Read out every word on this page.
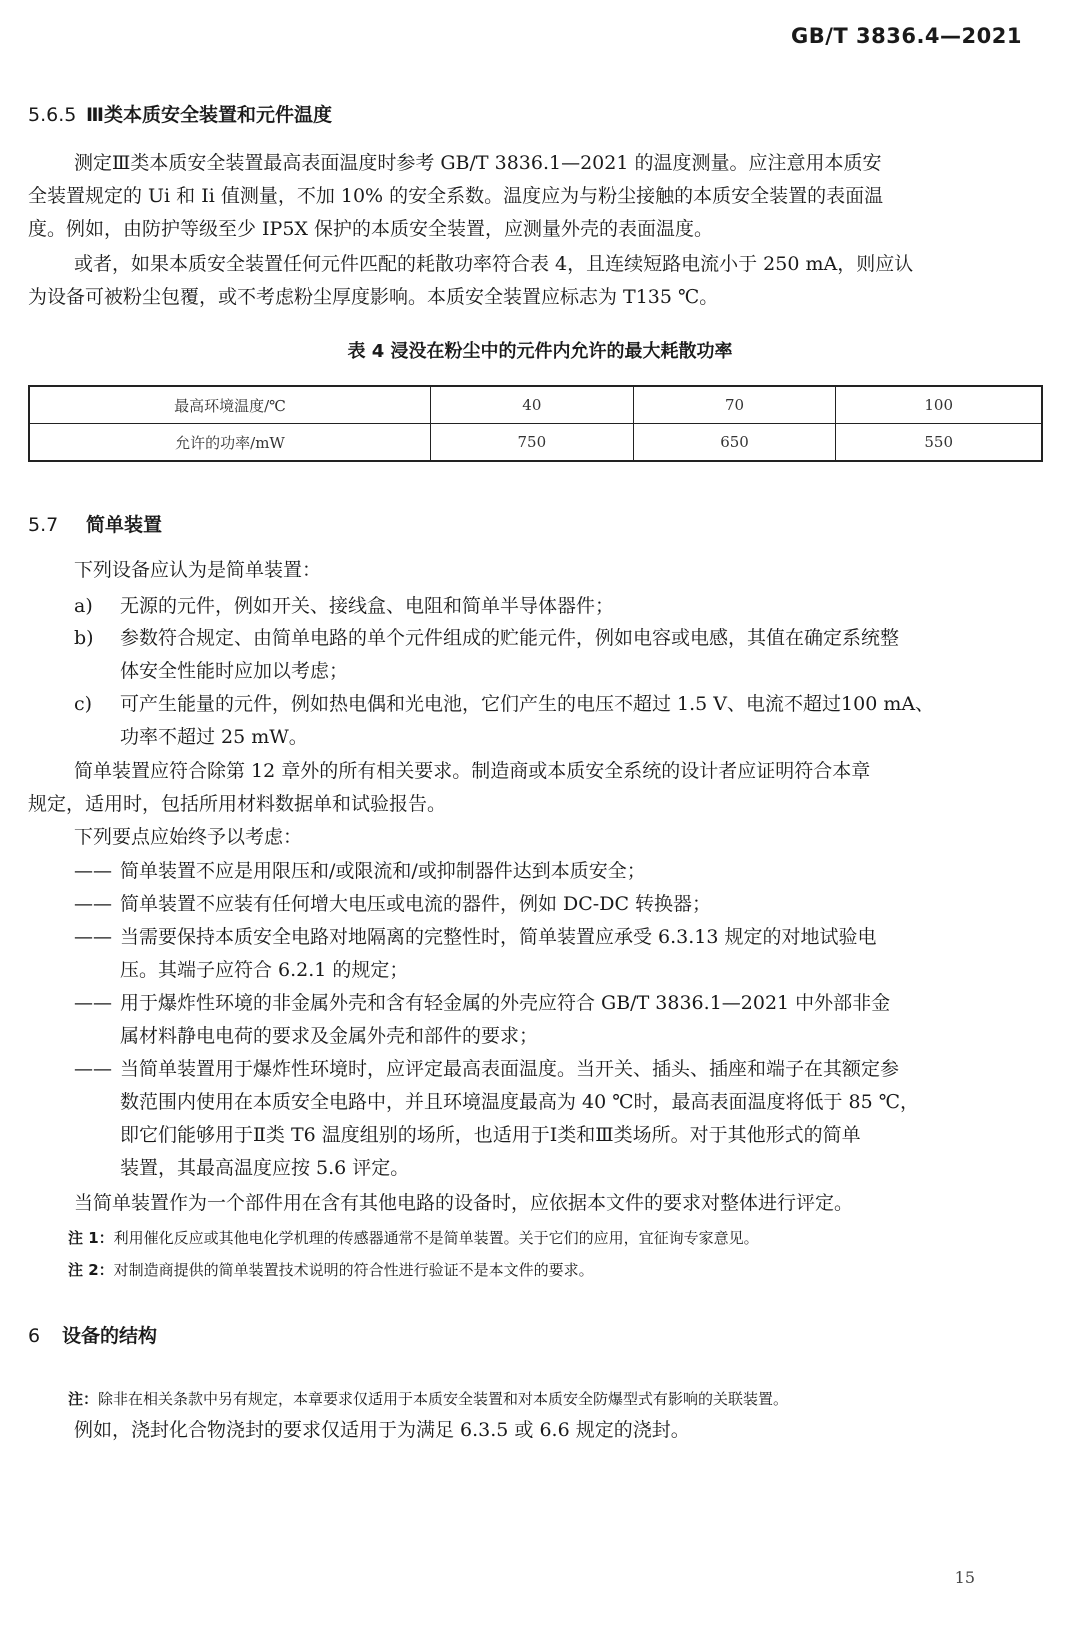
GB/T 3836.4—2021
5.6.5 Ⅲ类本质安全装置和元件温度
测定Ⅲ类本质安全装置最高表面温度时参考 GB/T 3836.1—2021 的温度测量。应注意用本质安
全装置规定的 Ui 和 Ii 值测量，不加 10% 的安全系数。温度应为与粉尘接触的本质安全装置的表面温
度。例如，由防护等级至少 IP5X 保护的本质安全装置，应测量外壳的表面温度。
或者，如果本质安全装置任何元件匹配的耗散功率符合表 4，且连续短路电流小于 250 mA，则应认
为设备可被粉尘包覆，或不考虑粉尘厚度影响。本质安全装置应标志为 T135 ℃。
表 4 浸没在粉尘中的元件内允许的最大耗散功率
最高环境温度/℃	40	70	100
允许的功率/mW	750	650	550
5.7 简单装置
下列设备应认为是简单装置：
a) 无源的元件，例如开关、接线盒、电阻和简单半导体器件；
b) 参数符合规定、由简单电路的单个元件组成的贮能元件，例如电容或电感，其值在确定系统整
体安全性能时应加以考虑；
c) 可产生能量的元件，例如热电偶和光电池，它们产生的电压不超过 1.5 V、电流不超过100 mA、
功率不超过 25 mW。
简单装置应符合除第 12 章外的所有相关要求。制造商或本质安全系统的设计者应证明符合本章
规定，适用时，包括所用材料数据单和试验报告。
下列要点应始终予以考虑：
—— 简单装置不应是用限压和/或限流和/或抑制器件达到本质安全；
—— 简单装置不应装有任何增大电压或电流的器件，例如 DC-DC 转换器；
—— 当需要保持本质安全电路对地隔离的完整性时，简单装置应承受 6.3.13 规定的对地试验电
压。其端子应符合 6.2.1 的规定；
—— 用于爆炸性环境的非金属外壳和含有轻金属的外壳应符合 GB/T 3836.1—2021 中外部非金
属材料静电电荷的要求及金属外壳和部件的要求；
—— 当简单装置用于爆炸性环境时，应评定最高表面温度。当开关、插头、插座和端子在其额定参
数范围内使用在本质安全电路中，并且环境温度最高为 40 ℃时，最高表面温度将低于 85 ℃，
即它们能够用于Ⅱ类 T6 温度组别的场所，也适用于Ⅰ类和Ⅲ类场所。对于其他形式的简单
装置，其最高温度应按 5.6 评定。
当简单装置作为一个部件用在含有其他电路的设备时，应依据本文件的要求对整体进行评定。
注 1：利用催化反应或其他电化学机理的传感器通常不是简单装置。关于它们的应用，宜征询专家意见。
注 2：对制造商提供的简单装置技术说明的符合性进行验证不是本文件的要求。
6 设备的结构
注：除非在相关条款中另有规定，本章要求仅适用于本质安全装置和对本质安全防爆型式有影响的关联装置。
例如，浇封化合物浇封的要求仅适用于为满足 6.3.5 或 6.6 规定的浇封。
15
